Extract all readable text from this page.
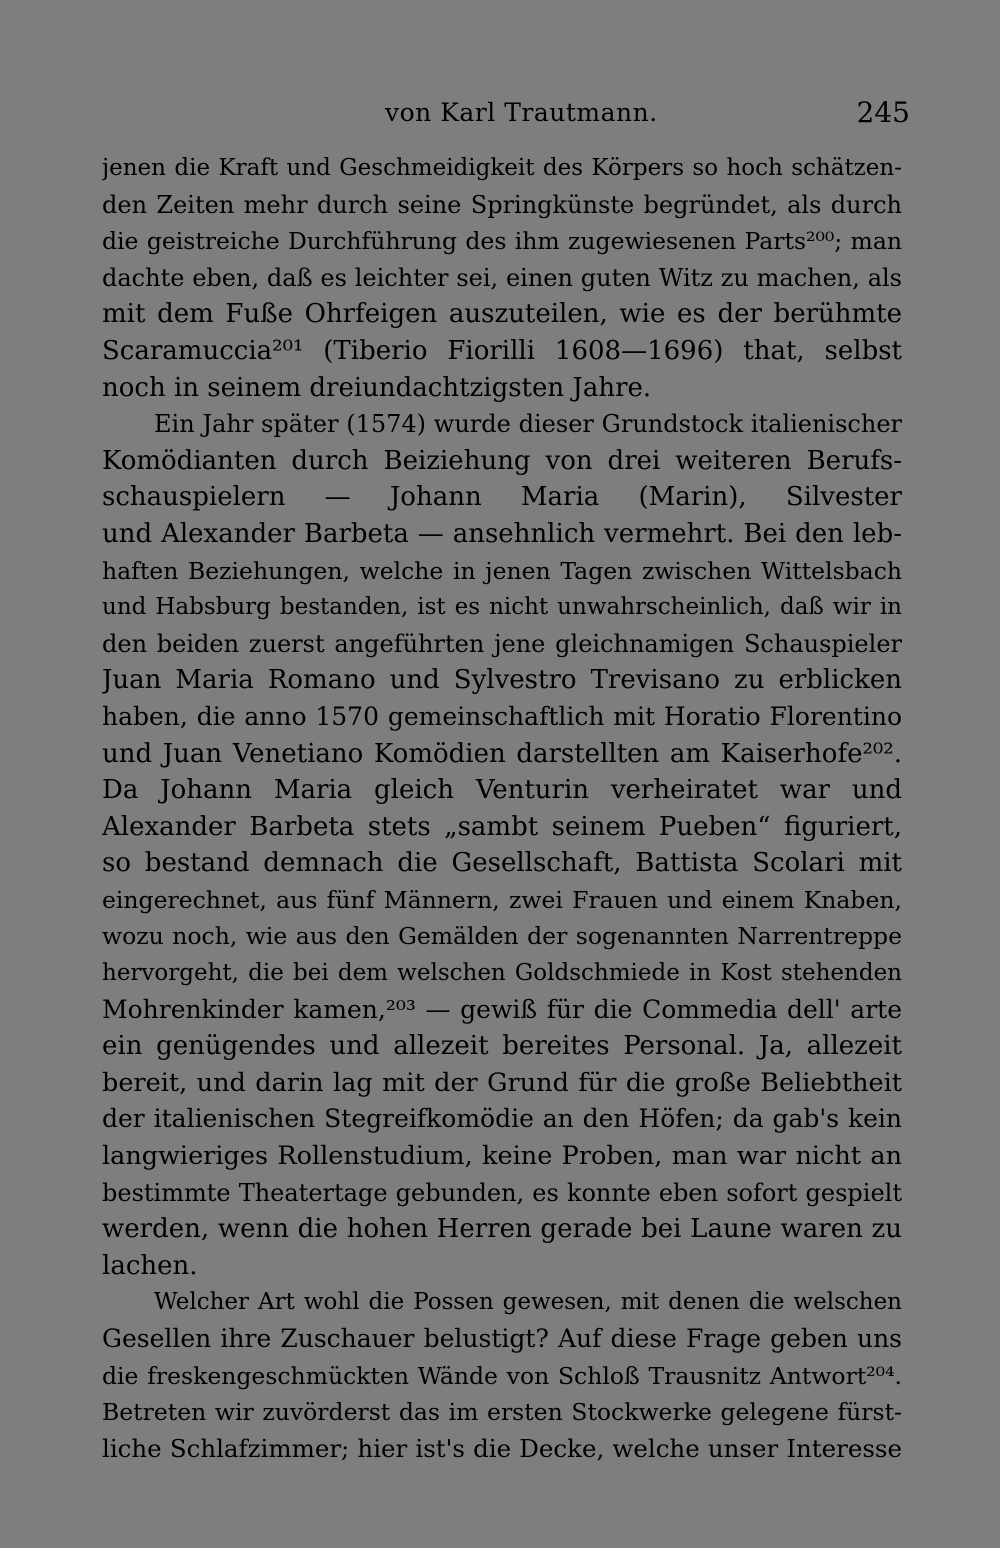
von Karl Trautmann.	245
jenen die Kraft und Geschmeidigkeit des Körpers so hoch schätzen-
den Zeiten mehr durch seine Springkünste begründet, als durch
die geistreiche Durchführung des ihm zugewiesenen Parts²⁰⁰; man
dachte eben, daß es leichter sei, einen guten Witz zu machen, als
mit dem Fuße Ohrfeigen auszuteilen, wie es der berühmte
Scaramuccia²⁰¹ (Tiberio Fiorilli 1608—1696) that, selbst
noch in seinem dreiundachtzigsten Jahre.
Ein Jahr später (1574) wurde dieser Grundstock italienischer
Komödianten durch Beiziehung von drei weiteren Berufs-
schauspielern — Johann Maria (Marin), Silvester
und Alexander Barbeta — ansehnlich vermehrt. Bei den leb-
haften Beziehungen, welche in jenen Tagen zwischen Wittelsbach
und Habsburg bestanden, ist es nicht unwahrscheinlich, daß wir in
den beiden zuerst angeführten jene gleichnamigen Schauspieler
Juan Maria Romano und Sylvestro Trevisano zu erblicken
haben, die anno 1570 gemeinschaftlich mit Horatio Florentino
und Juan Venetiano Komödien darstellten am Kaiserhofe²⁰².
Da Johann Maria gleich Venturin verheiratet war und
Alexander Barbeta stets „sambt seinem Pueben“ figuriert,
so bestand demnach die Gesellschaft, Battista Scolari mit
eingerechnet, aus fünf Männern, zwei Frauen und einem Knaben,
wozu noch, wie aus den Gemälden der sogenannten Narrentreppe
hervorgeht, die bei dem welschen Goldschmiede in Kost stehenden
Mohrenkinder kamen,²⁰³ — gewiß für die Commedia dell' arte
ein genügendes und allezeit bereites Personal. Ja, allezeit
bereit, und darin lag mit der Grund für die große Beliebtheit
der italienischen Stegreifkomödie an den Höfen; da gab's kein
langwieriges Rollenstudium, keine Proben, man war nicht an
bestimmte Theatertage gebunden, es konnte eben sofort gespielt
werden, wenn die hohen Herren gerade bei Laune waren zu
lachen.
Welcher Art wohl die Possen gewesen, mit denen die welschen
Gesellen ihre Zuschauer belustigt? Auf diese Frage geben uns
die freskengeschmückten Wände von Schloß Trausnitz Antwort²⁰⁴.
Betreten wir zuvörderst das im ersten Stockwerke gelegene fürst-
liche Schlafzimmer; hier ist's die Decke, welche unser Interesse
